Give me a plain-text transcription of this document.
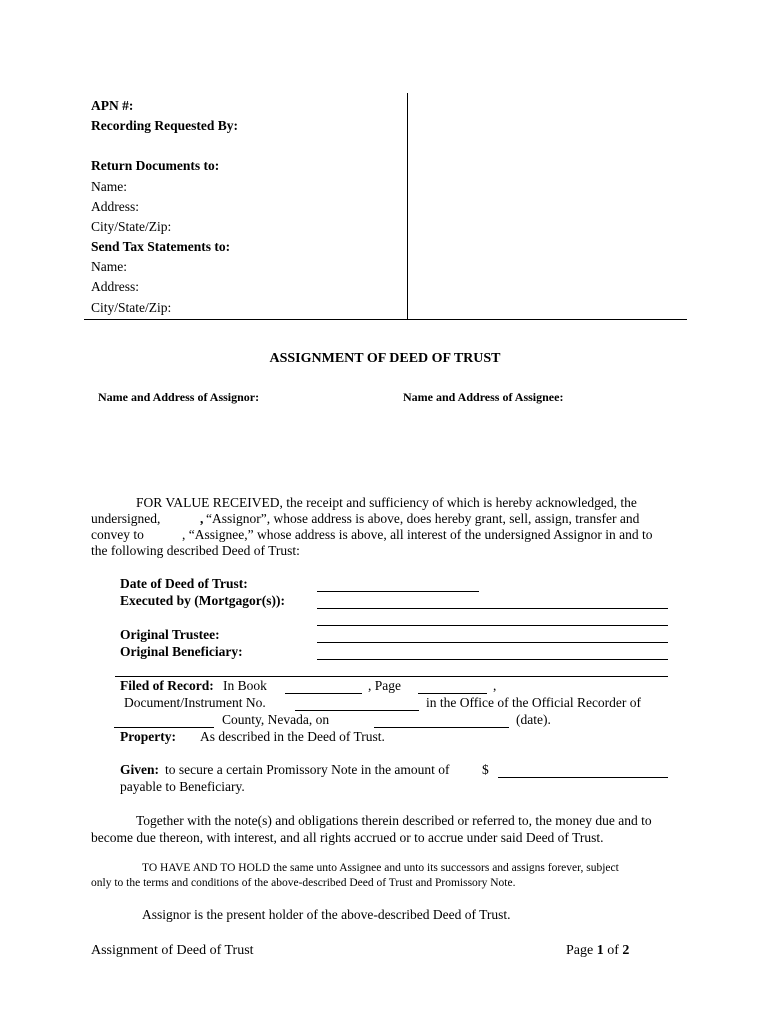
APN #:
Recording Requested By:
Return Documents to:
Name:
Address:
City/State/Zip:
Send Tax Statements to:
Name:
Address:
City/State/Zip:
ASSIGNMENT OF DEED OF TRUST
Name and Address of Assignor:	Name and Address of Assignee:
FOR VALUE RECEIVED, the receipt and sufficiency of which is hereby acknowledged, the
undersigned,	, “Assignor”, whose address is above, does hereby grant, sell, assign, transfer and
convey to	, “Assignee,” whose address is above, all interest of the undersigned Assignor in and to
the following described Deed of Trust:
Date of Deed of Trust:
Executed by (Mortgagor(s)):
Original Trustee:
Original Beneficiary:
Filed of Record: In Book	, Page	,
Document/Instrument No.	in the Office of the Official Recorder of
County, Nevada, on	(date).
Property: As described in the Deed of Trust.
Given: to secure a certain Promissory Note in the amount of $
payable to Beneficiary.
Together with the note(s) and obligations therein described or referred to, the money due and to
become due thereon, with interest, and all rights accrued or to accrue under said Deed of Trust.
TO HAVE AND TO HOLD the same unto Assignee and unto its successors and assigns forever, subject
only to the terms and conditions of the above-described Deed of Trust and Promissory Note.
Assignor is the present holder of the above-described Deed of Trust.
Assignment of Deed of Trust	Page 1 of 2
